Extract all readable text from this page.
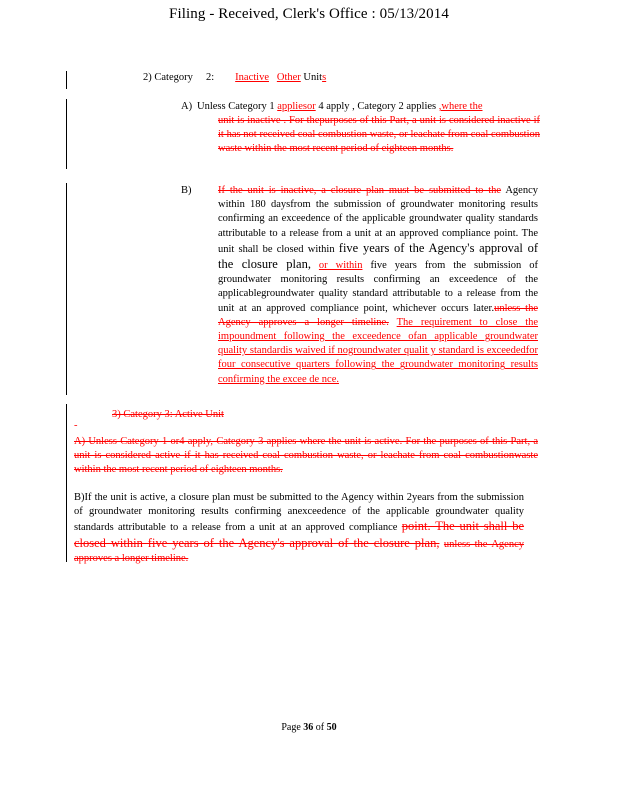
Filing - Received, Clerk's Office : 05/13/2014
2) Category 2: Inactive Other Units
A) Unless Category 1 appliesor 4 apply , Category 2 applies ,where the
unit is inactive . For thepurposes of this Part, a unit is considered inactive if it has not received coal combustion waste, or leachate from coal combustion waste within the most recent period of eighteen months.
B)	If the unit is inactive, a closure plan must be submitted to the Agency within 180 daysfrom the submission of groundwater monitoring results confirming an exceedence of the applicable groundwater quality standards attributable to a release from a unit at an approved compliance point. The unit shall be closed within five years of the Agency's approval of the closure plan, or within five years from the submission of groundwater monitoring results confirming an exceedence of the applicablegroundwater quality standard attributable to a release from the unit at an approved compliance point, whichever occurs later.unless the Agency approves a longer timeline. The requirement to close the impoundment following the exceedence ofan applicable groundwater quality standardis waived if nogroundwater qualit y standard is exceededfor four consecutive quarters following the groundwater monitoring results confirming the excee de nce.
3) Category 3: Active Unit
-
A) Unless Category 1 or4 apply, Category 3 applies where the unit is active. For the purposes of this Part, a unit is considered active if it has received coal combustion waste, or leachate from coal combustionwaste within the most recent period of eighteen months.
B)If the unit is active, a closure plan must be submitted to the Agency within 2years from the submission of groundwater monitoring results confirming anexceedence of the applicable groundwater quality standards attributable to a release from a unit at an approved compliance point. The unit shall be closed within five years of the Agency's approval of the closure plan, unless the Agency approves a longer timeline.
Page 36 of 50
